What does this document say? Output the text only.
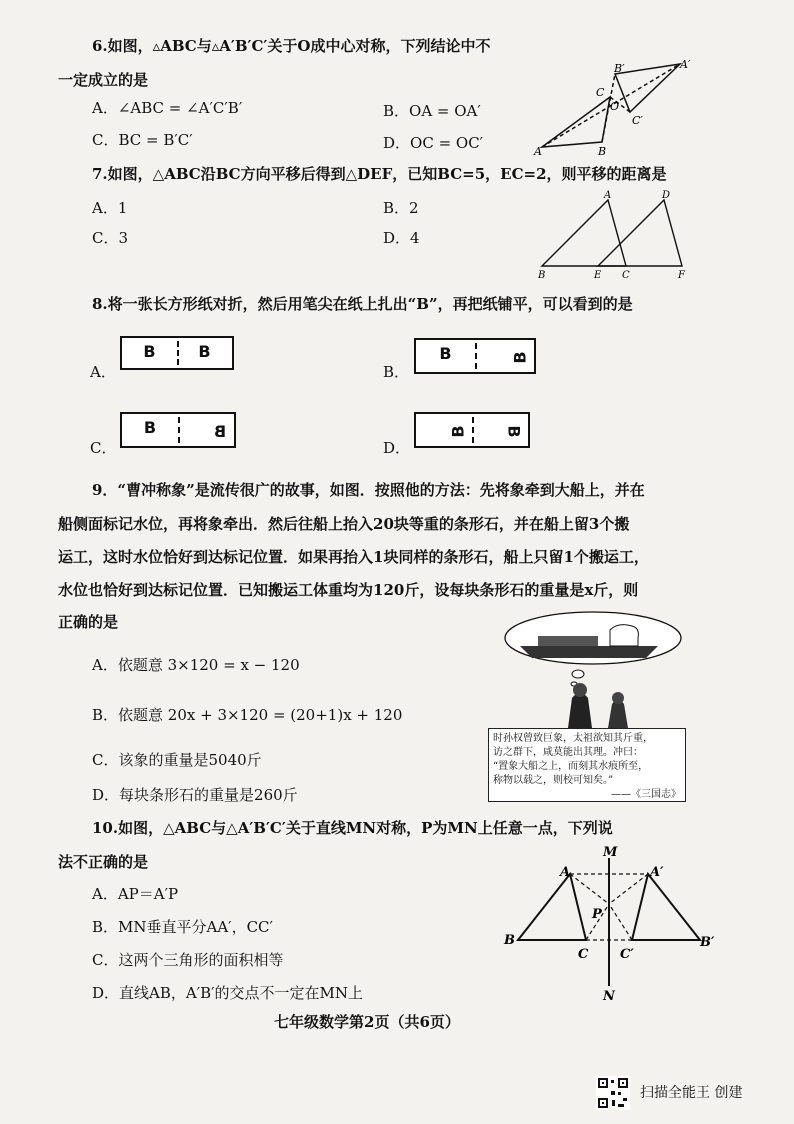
6.如图，▵ABC与▵A′B′C′关于O成中心对称，下列结论中不
一定成立的是
A．∠ABC = ∠A′C′B′	B．OA = OA′
C．BC = B′C′	D．OC = OC′	A	B
C
O
A′
B′
C′
7.如图，△ABC沿BC方向平移后得到△DEF，已知BC=5，EC=2，则平移的距离是
A．1	B．2
C．3	D．4
A	D
B	E C	F
8.将一张长方形纸对折，然后用笔尖在纸上扎出“B”，再把纸铺平，可以看到的是
A．
B	B
B．
B	B
C．
B	B
D．
B B
9．“曹冲称象”是流传很广的故事，如图．按照他的方法：先将象牵到大船上，并在
船侧面标记水位，再将象牵出．然后往船上抬入20块等重的条形石，并在船上留3个搬
运工，这时水位恰好到达标记位置．如果再抬入1块同样的条形石，船上只留1个搬运工，
水位也恰好到达标记位置．已知搬运工体重均为120斤，设每块条形石的重量是x斤，则
正确的是
A．依题意 3×120 = x − 120
B．依题意 20x + 3×120 = (20+1)x + 120
C．该象的重量是5040斤
D．每块条形石的重量是260斤
时孙权曾致巨象，太祖欲知其斤重，
访之群下，咸莫能出其理。冲曰：
“置象大船之上，而刻其水痕所至，
称物以载之，则校可知矣。”
——《三国志》
10.如图，△ABC与△A′B′C′关于直线MN对称，P为MN上任意一点，下列说
法不正确的是
A．AP＝A′P
B．MN垂直平分AA′，CC′
C．这两个三角形的面积相等
D．直线AB，A′B′的交点不一定在MN上
M
N
A	A′
P
B	B′
C C′
七年级数学第2页（共6页）
扫描全能王 创建
